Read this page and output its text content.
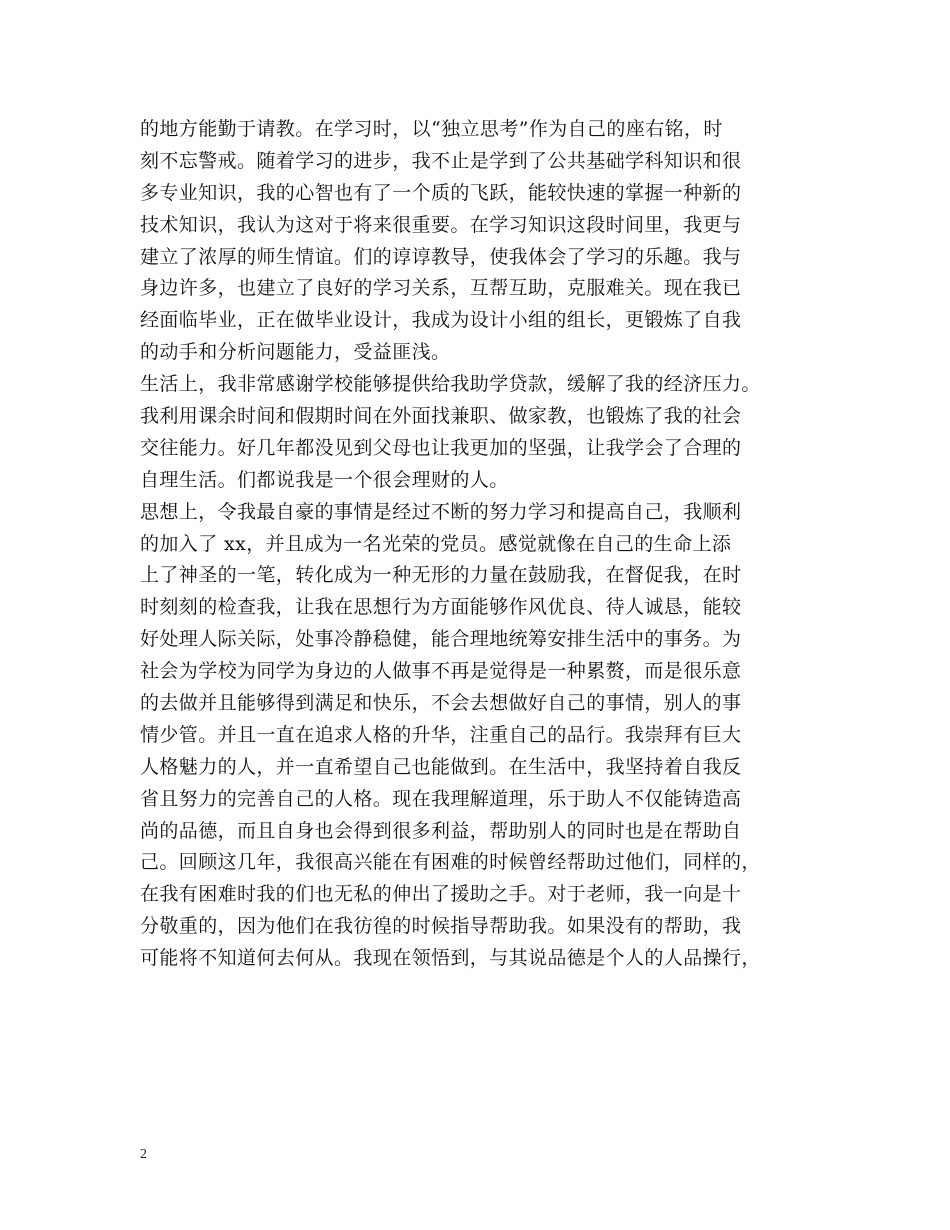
的地方能勤于请教。在学习时，以“独立思考”作为自己的座右铭，时
刻不忘警戒。随着学习的进步，我不止是学到了公共基础学科知识和很
多专业知识，我的心智也有了一个质的飞跃，能较快速的掌握一种新的
技术知识，我认为这对于将来很重要。在学习知识这段时间里，我更与
建立了浓厚的师生情谊。们的谆谆教导，使我体会了学习的乐趣。我与
身边许多，也建立了良好的学习关系，互帮互助，克服难关。现在我已
经面临毕业，正在做毕业设计，我成为设计小组的组长，更锻炼了自我
的动手和分析问题能力，受益匪浅。
生活上，我非常感谢学校能够提供给我助学贷款，缓解了我的经济压力。
我利用课余时间和假期时间在外面找兼职、做家教，也锻炼了我的社会
交往能力。好几年都没见到父母也让我更加的坚强，让我学会了合理的
自理生活。们都说我是一个很会理财的人。
思想上，令我最自豪的事情是经过不断的努力学习和提高自己，我顺利
的加入了 xx，并且成为一名光荣的党员。感觉就像在自己的生命上添
上了神圣的一笔，转化成为一种无形的力量在鼓励我，在督促我，在时
时刻刻的检查我，让我在思想行为方面能够作风优良、待人诚恳，能较
好处理人际关际，处事冷静稳健，能合理地统筹安排生活中的事务。为
社会为学校为同学为身边的人做事不再是觉得是一种累赘，而是很乐意
的去做并且能够得到满足和快乐，不会去想做好自己的事情，别人的事
情少管。并且一直在追求人格的升华，注重自己的品行。我崇拜有巨大
人格魅力的人，并一直希望自己也能做到。在生活中，我坚持着自我反
省且努力的完善自己的人格。现在我理解道理，乐于助人不仅能铸造高
尚的品德，而且自身也会得到很多利益，帮助别人的同时也是在帮助自
己。回顾这几年，我很高兴能在有困难的时候曾经帮助过他们，同样的，
在我有困难时我的们也无私的伸出了援助之手。对于老师，我一向是十
分敬重的，因为他们在我彷徨的时候指导帮助我。如果没有的帮助，我
可能将不知道何去何从。我现在领悟到，与其说品德是个人的人品操行，
2
